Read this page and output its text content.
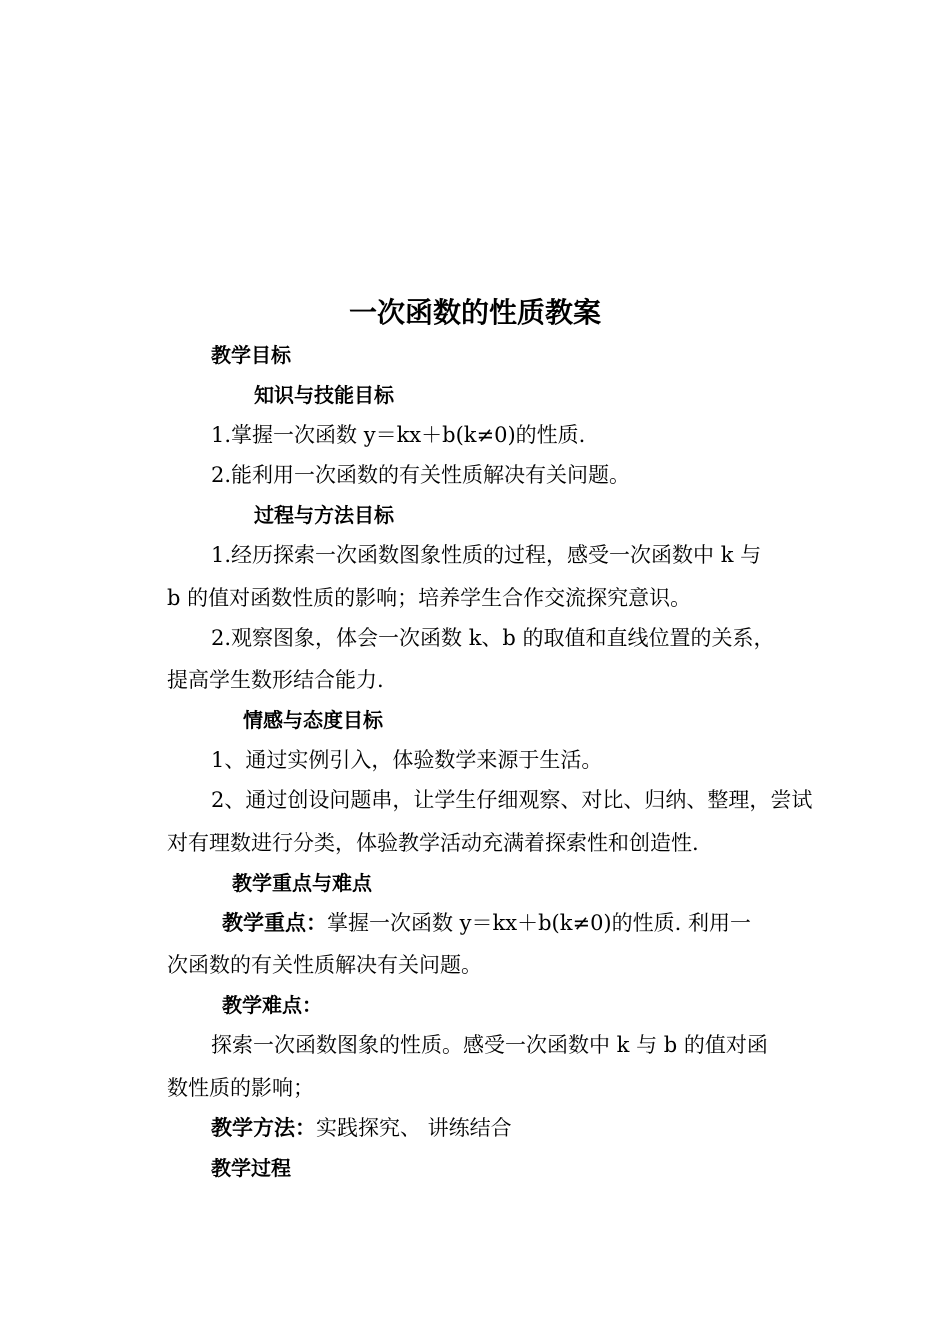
一次函数的性质教案
教学目标
知识与技能目标
1.掌握一次函数 y＝kx＋b(k≠0)的性质.
2.能利用一次函数的有关性质解决有关问题。
过程与方法目标
1.经历探索一次函数图象性质的过程，感受一次函数中 k 与
b 的值对函数性质的影响；培养学生合作交流探究意识。
2.观察图象，体会一次函数 k、b 的取值和直线位置的关系，
提高学生数形结合能力.
情感与态度目标
1、通过实例引入，体验数学来源于生活。
2、通过创设问题串，让学生仔细观察、对比、归纳、整理，尝试
对有理数进行分类，体验教学活动充满着探索性和创造性.
教学重点与难点
教学重点：掌握一次函数 y＝kx＋b(k≠0)的性质. 利用一
次函数的有关性质解决有关问题。
教学难点：
探索一次函数图象的性质。感受一次函数中 k 与 b 的值对函
数性质的影响；
教学方法：实践探究、 讲练结合
教学过程
